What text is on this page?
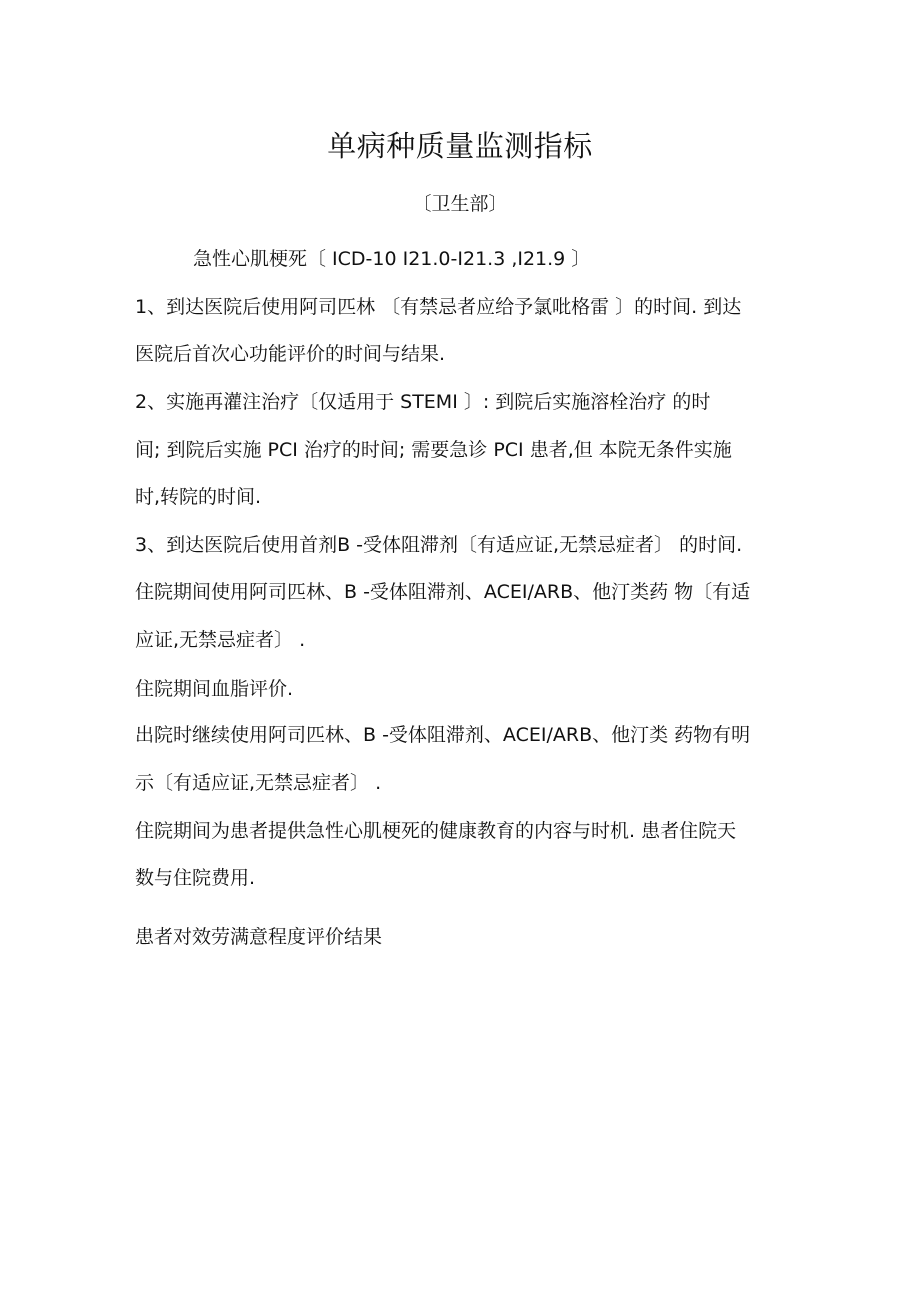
单病种质量监测指标

〔卫生部〕

急性心肌梗死〔 ICD-10 I21.0-I21.3 ,I21.9 〕

1、到达医院后使用阿司匹林 〔有禁忌者应给予氯吡格雷 〕的时间. 到达

医院后首次心功能评价的时间与结果.

2、实施再灌注治疗〔仅适用于 STEMI 〕: 到院后实施溶栓治疗 的时

间; 到院后实施 PCI 治疗的时间; 需要急诊 PCI 患者,但 本院无条件实施

时,转院的时间.

3、到达医院后使用首剂B -受体阻滞剂〔有适应证,无禁忌症者〕 的时间.

住院期间使用阿司匹林、B -受体阻滞剂、ACEI/ARB、他汀类药 物〔有适

应证,无禁忌症者〕 .

住院期间血脂评价.

出院时继续使用阿司匹林、B -受体阻滞剂、ACEI/ARB、他汀类 药物有明

示〔有适应证,无禁忌症者〕 .

住院期间为患者提供急性心肌梗死的健康教育的内容与时机. 患者住院天

数与住院费用.

患者对效劳满意程度评价结果
